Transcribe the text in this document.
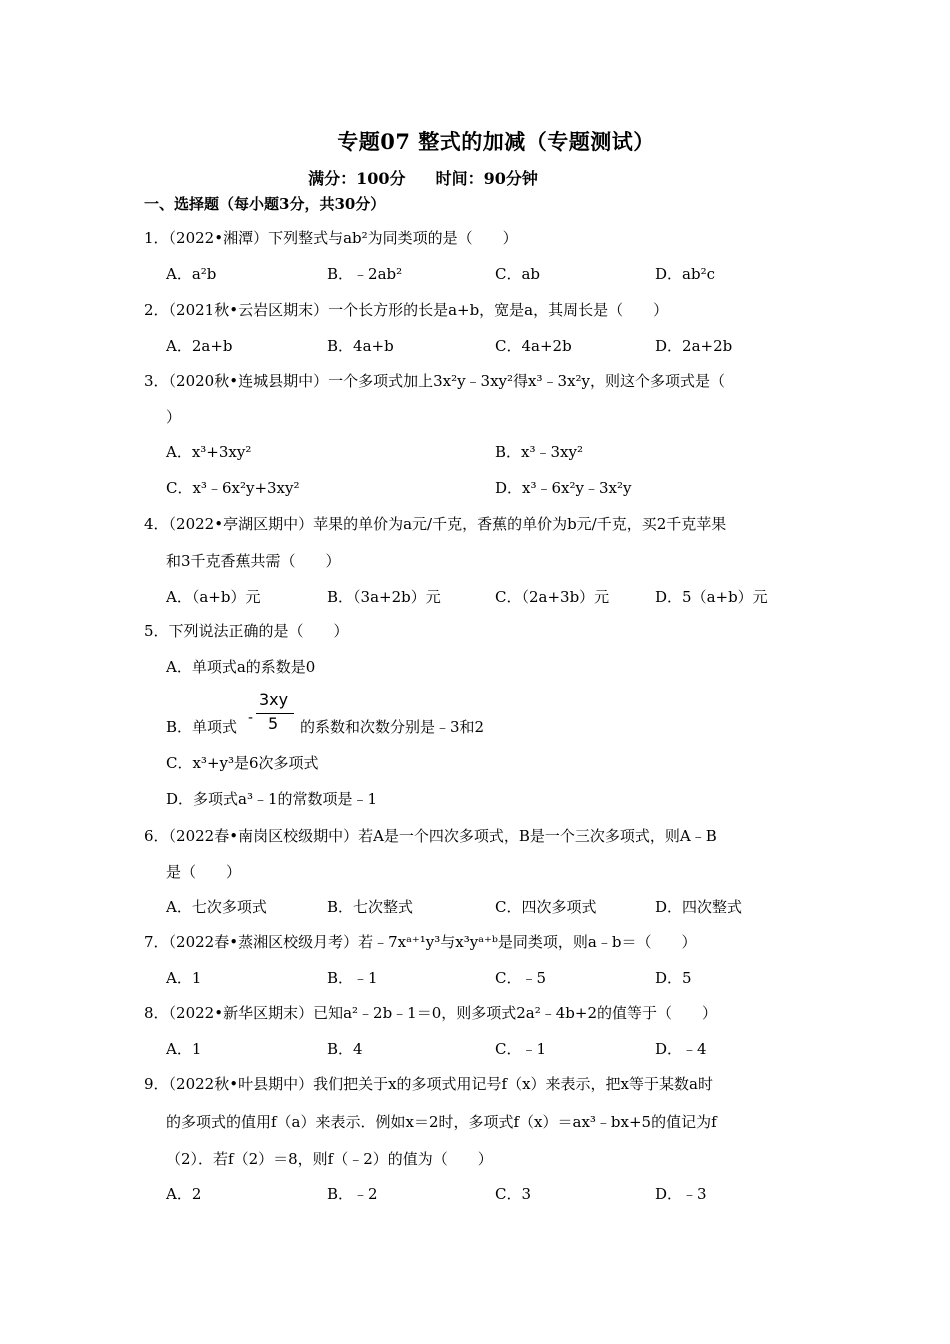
专题07 整式的加减（专题测试）
满分：100分 时间：90分钟
一、选择题（每小题3分，共30分）
1．（2022•湘潭）下列整式与ab²为同类项的是（　　）
A．a²b	B．﹣2ab²	C．ab	D．ab²c
2．（2021秋•云岩区期末）一个长方形的长是a+b，宽是a，其周长是（　　）
A．2a+b	B．4a+b	C．4a+2b	D．2a+2b
3．（2020秋•连城县期中）一个多项式加上3x²y﹣3xy²得x³﹣3x²y，则这个多项式是（
）
A．x³+3xy²	B．x³﹣3xy²
C．x³﹣6x²y+3xy²	D．x³﹣6x²y﹣3x²y
4．（2022•亭湖区期中）苹果的单价为a元/千克，香蕉的单价为b元/千克，买2千克苹果
和3千克香蕉共需（　　）
A．（a+b）元	B．（3a+2b）元	C．（2a+3b）元	D．5（a+b）元
5．下列说法正确的是（　　）
A．单项式a的系数是0
B．单项式 -
3xy
5 的系数和次数分别是﹣3和2
C．x³+y³是6次多项式
D．多项式a³﹣1的常数项是﹣1
6．（2022春•南岗区校级期中）若A是一个四次多项式，B是一个三次多项式，则A﹣B
是（　　）
A．七次多项式	B．七次整式	C．四次多项式	D．四次整式
7．（2022春•蒸湘区校级月考）若﹣7xᵃ⁺¹y³与x³yᵃ⁺ᵇ是同类项，则a﹣b＝（　　）
A．1	B．﹣1	C．﹣5	D．5
8．（2022•新华区期末）已知a²﹣2b﹣1＝0，则多项式2a²﹣4b+2的值等于（　　）
A．1	B．4	C．﹣1	D．﹣4
9．（2022秋•叶县期中）我们把关于x的多项式用记号f（x）来表示，把x等于某数a时
的多项式的值用f（a）来表示．例如x＝2时，多项式f（x）＝ax³﹣bx+5的值记为f
（2）．若f（2）＝8，则f（﹣2）的值为（　　）
A．2	B．﹣2	C．3	D．﹣3
